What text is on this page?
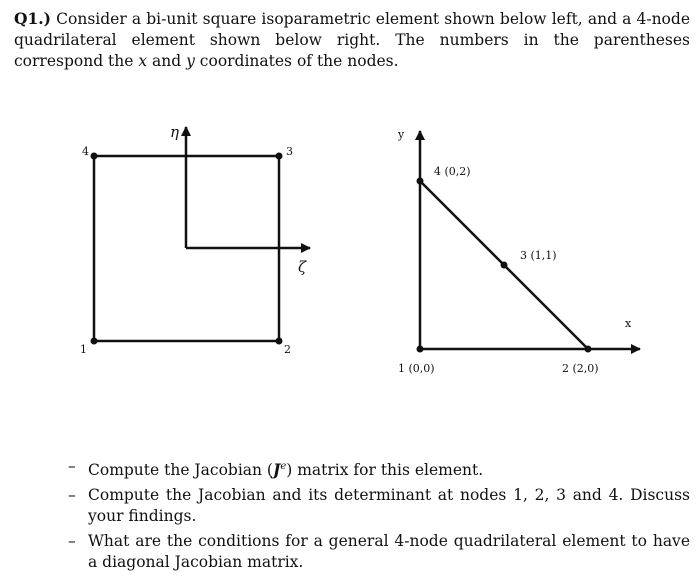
Q1.) Consider a bi-unit square isoparametric element shown below left, and a 4-node quadrilateral element shown below right. The numbers in the parentheses correspond the x and y coordinates of the nodes.
η
ζ
1	2
3
4
y
x
1 (0,0)	2 (2,0)
3 (1,1)
4 (0,2)
– Compute the Jacobian $(J^e)$ matrix for this element.
– Compute the Jacobian and its determinant at nodes 1, 2, 3 and 4. Discuss your findings.
– What are the conditions for a general 4-node quadrilateral element to have a diagonal Jacobian matrix.
